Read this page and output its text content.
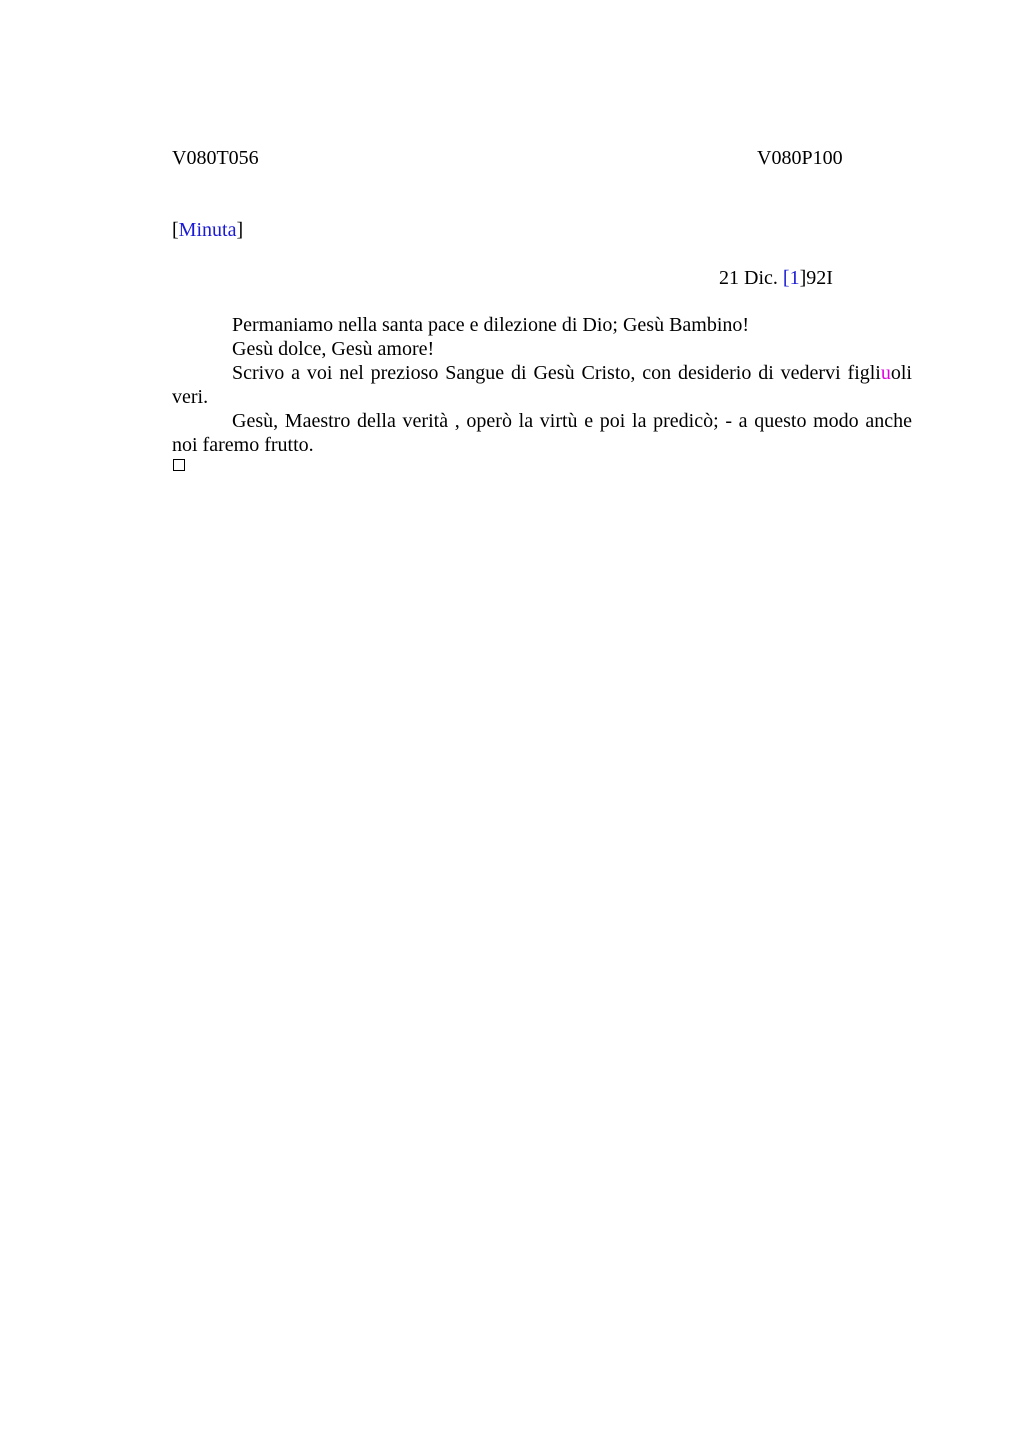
V080T056	V080P100
[Minuta]
21 Dic. [1]92I

Permaniamo nella santa pace e dilezione di Dio; Gesù Bambino!

Gesù dolce, Gesù amore!

Scrivo a voi nel prezioso Sangue di Gesù Cristo, con desiderio di vedervi figliuoli veri.

Gesù, Maestro della verità , operò la virtù e poi la predicò; - a questo modo anche noi faremo frutto.
